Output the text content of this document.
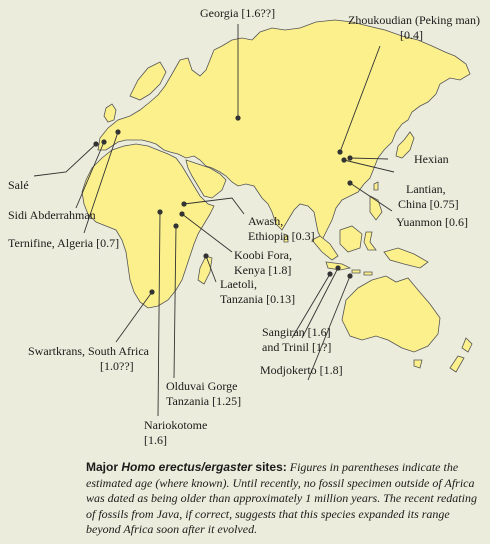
Georgia [1.6??]	Zhoukoudian (Peking man) [0.4]
Hexian
Lantian, China [0.75]
Yuanmon [0.6]
Salé
Sidi Abderrahman
Ternifine, Algeria [0.7]
Awash, Ethiopia [0.3]
Koobi Fora, Kenya [1.8]
Laetoli, Tanzania [0.13]
Sangiran [1.6] and Trinil [1?]
Modjokerto [1.8]
Swartkrans, South Africa [1.0??]
Olduvai Gorge Tanzania [1.25]
Nariokotome [1.6]
Major Homo erectus/ergaster sites: Figures in parentheses indicate the estimated age (where known). Until recently, no fossil specimen outside of Africa was dated as being older than approximately 1 million years. The recent redating of fossils from Java, if correct, suggests that this species expanded its range beyond Africa soon after it evolved.
